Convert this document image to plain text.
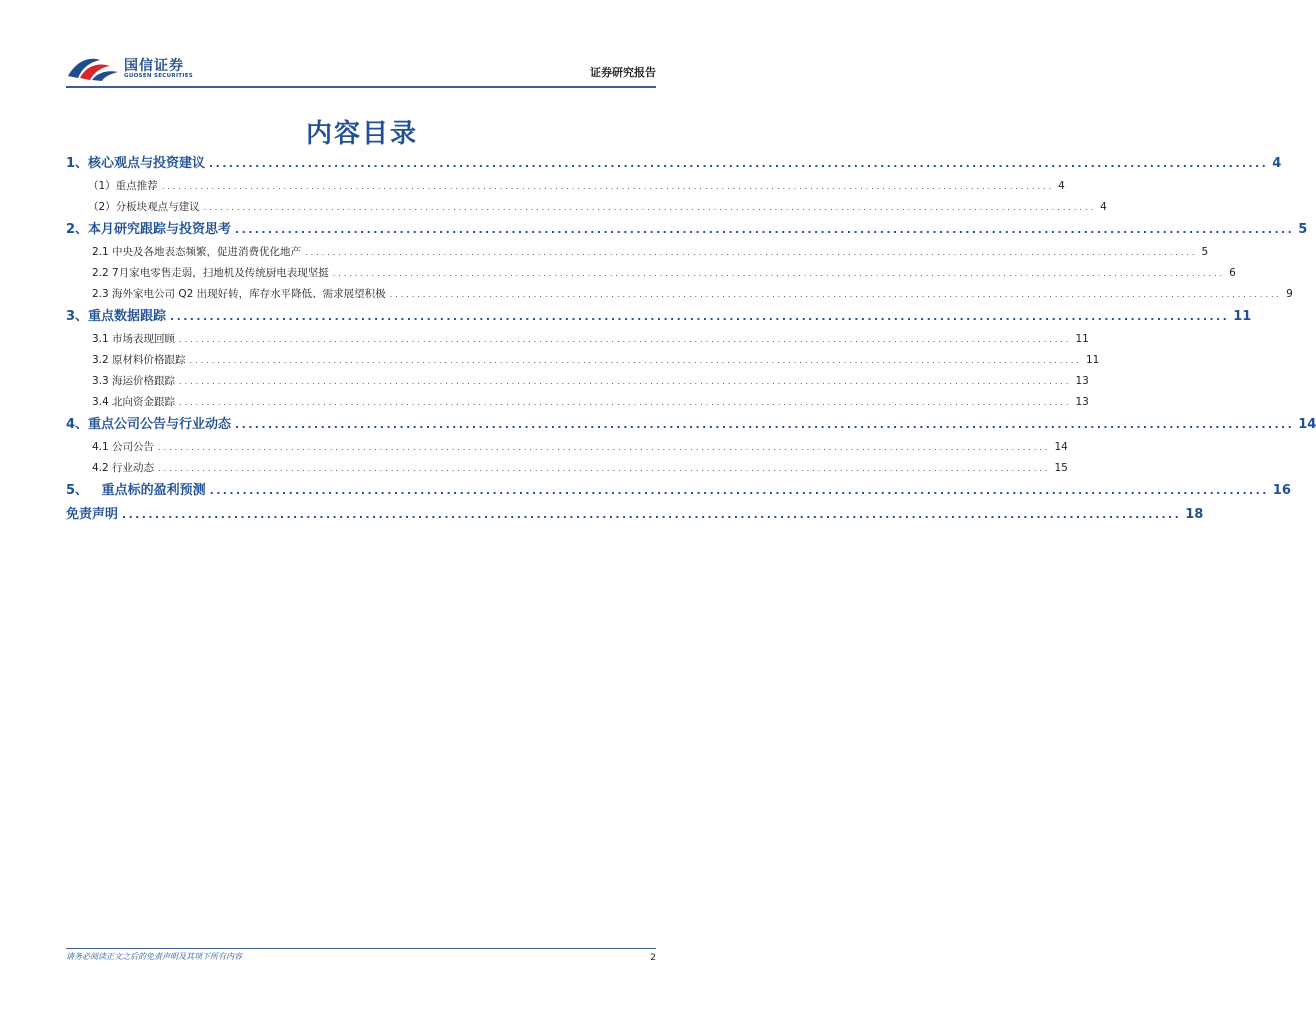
国信证券
GUOSEN SECURITIES	证券研究报告
内容目录
1、核心观点与投资建议 ................................................................................................................................................................. 4
（1）重点推荐 ................................................................................................................................................................. 4
（2）分板块观点与建议 ................................................................................................................................................................. 4
2、本月研究跟踪与投资思考 ................................................................................................................................................................. 5
2.1 中央及各地表态频繁，促进消费优化地产 ................................................................................................................................................................. 5
2.2 7月家电零售走弱，扫地机及传统厨电表现坚挺 ................................................................................................................................................................. 6
2.3 海外家电公司 Q2 出现好转，库存水平降低、需求展望积极 ................................................................................................................................................................. 9
3、重点数据跟踪 ................................................................................................................................................................. 11
3.1 市场表现回顾 ................................................................................................................................................................. 11
3.2 原材料价格跟踪 ................................................................................................................................................................. 11
3.3 海运价格跟踪 ................................................................................................................................................................. 13
3.4 北向资金跟踪 ................................................................................................................................................................. 13
4、重点公司公告与行业动态 ................................................................................................................................................................. 14
4.1 公司公告 ................................................................................................................................................................. 14
4.2 行业动态 ................................................................................................................................................................. 15
5、   重点标的盈利预测 ................................................................................................................................................................. 16
免责声明 ................................................................................................................................................................. 18
请务必阅读正文之后的免责声明及其项下所有内容	2
